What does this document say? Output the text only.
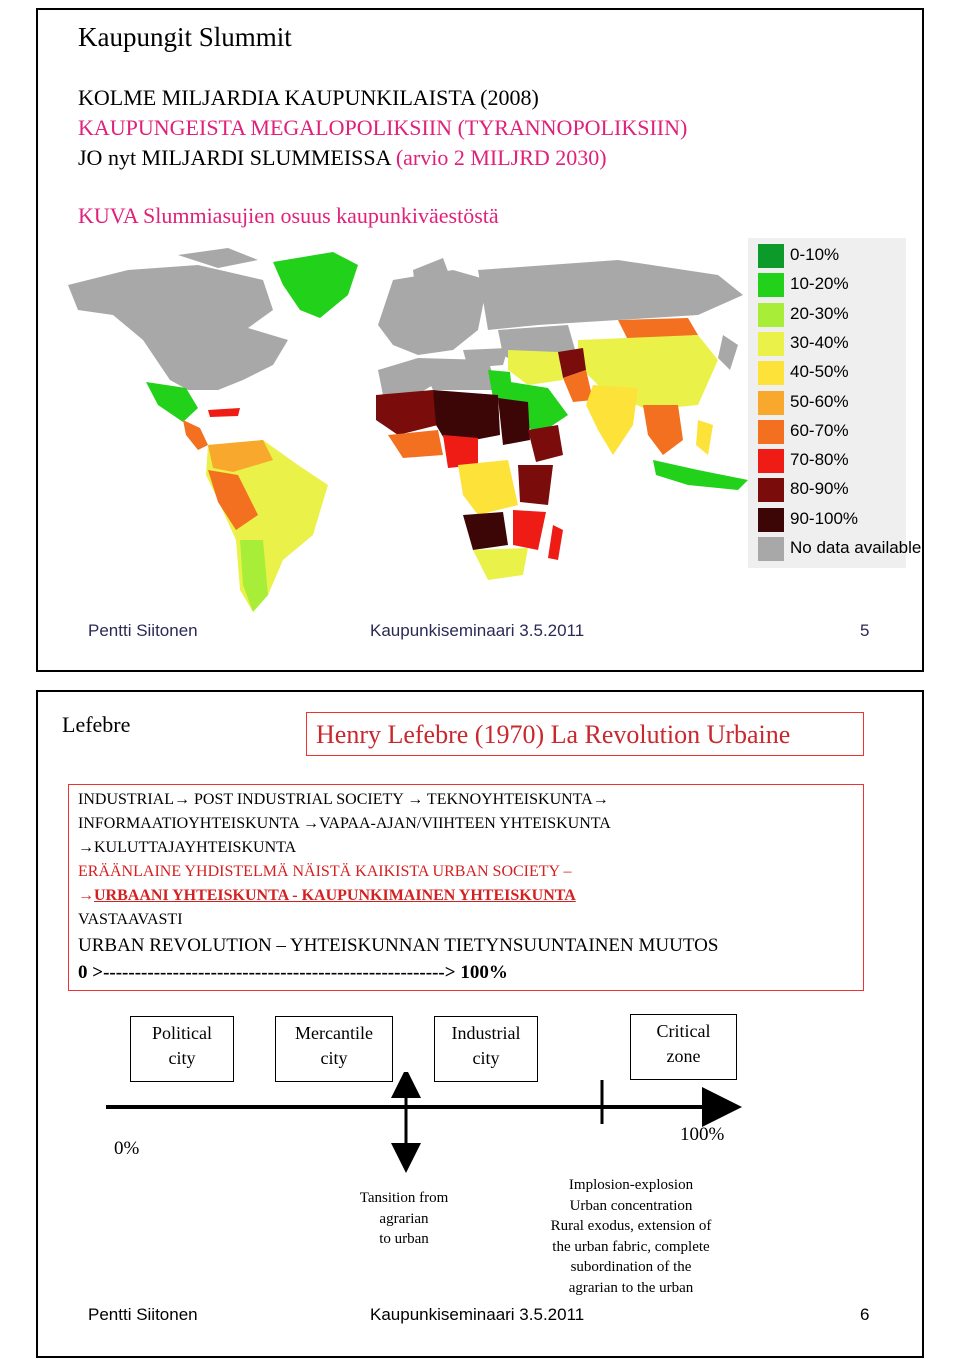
Kaupungit Slummit
KOLME MILJARDIA KAUPUNKILAISTA (2008)
KAUPUNGEISTA MEGALOPOLIKSIIN (TYRANNOPOLIKSIIN)
JO nyt MILJARDI SLUMMEISSA (arvio 2 MILJRD 2030)
KUVA Slummiasujien osuus kaupunkiväestöstä
0-10%
10-20%
20-30%
30-40%
40-50%
50-60%
60-70%
70-80%
80-90%
90-100%
No data available
Pentti Siitonen	Kaupunkiseminaari 3.5.2011	5
Lefebre	Henry Lefebre (1970) La Revolution Urbaine
INDUSTRIAL→ POST INDUSTRIAL SOCIETY → TEKNOYHTEISKUNTA→
INFORMAATIOYHTEISKUNTA →VAPAA-AJAN/VIIHTEEN YHTEISKUNTA
→KULUTTAJAYHTEISKUNTA
ERÄÄNLAINE YHDISTELMÄ NÄISTÄ KAIKISTA URBAN SOCIETY –
→URBAANI YHTEISKUNTA - KAUPUNKIMAINEN YHTEISKUNTA
VASTAAVASTI
URBAN REVOLUTION – YHTEISKUNNAN TIETYNSUUNTAINEN MUUTOS
0 >------------------------------------------------------> 100%
Political
city
Mercantile
city
Industrial
city
Critical
zone
0%
100%
Tansition from
agrarian
to urban
Implosion-explosion
Urban concentration
Rural exodus, extension of
the urban fabric, complete
subordination of the
agrarian to the urban
Pentti Siitonen	Kaupunkiseminaari 3.5.2011	6
